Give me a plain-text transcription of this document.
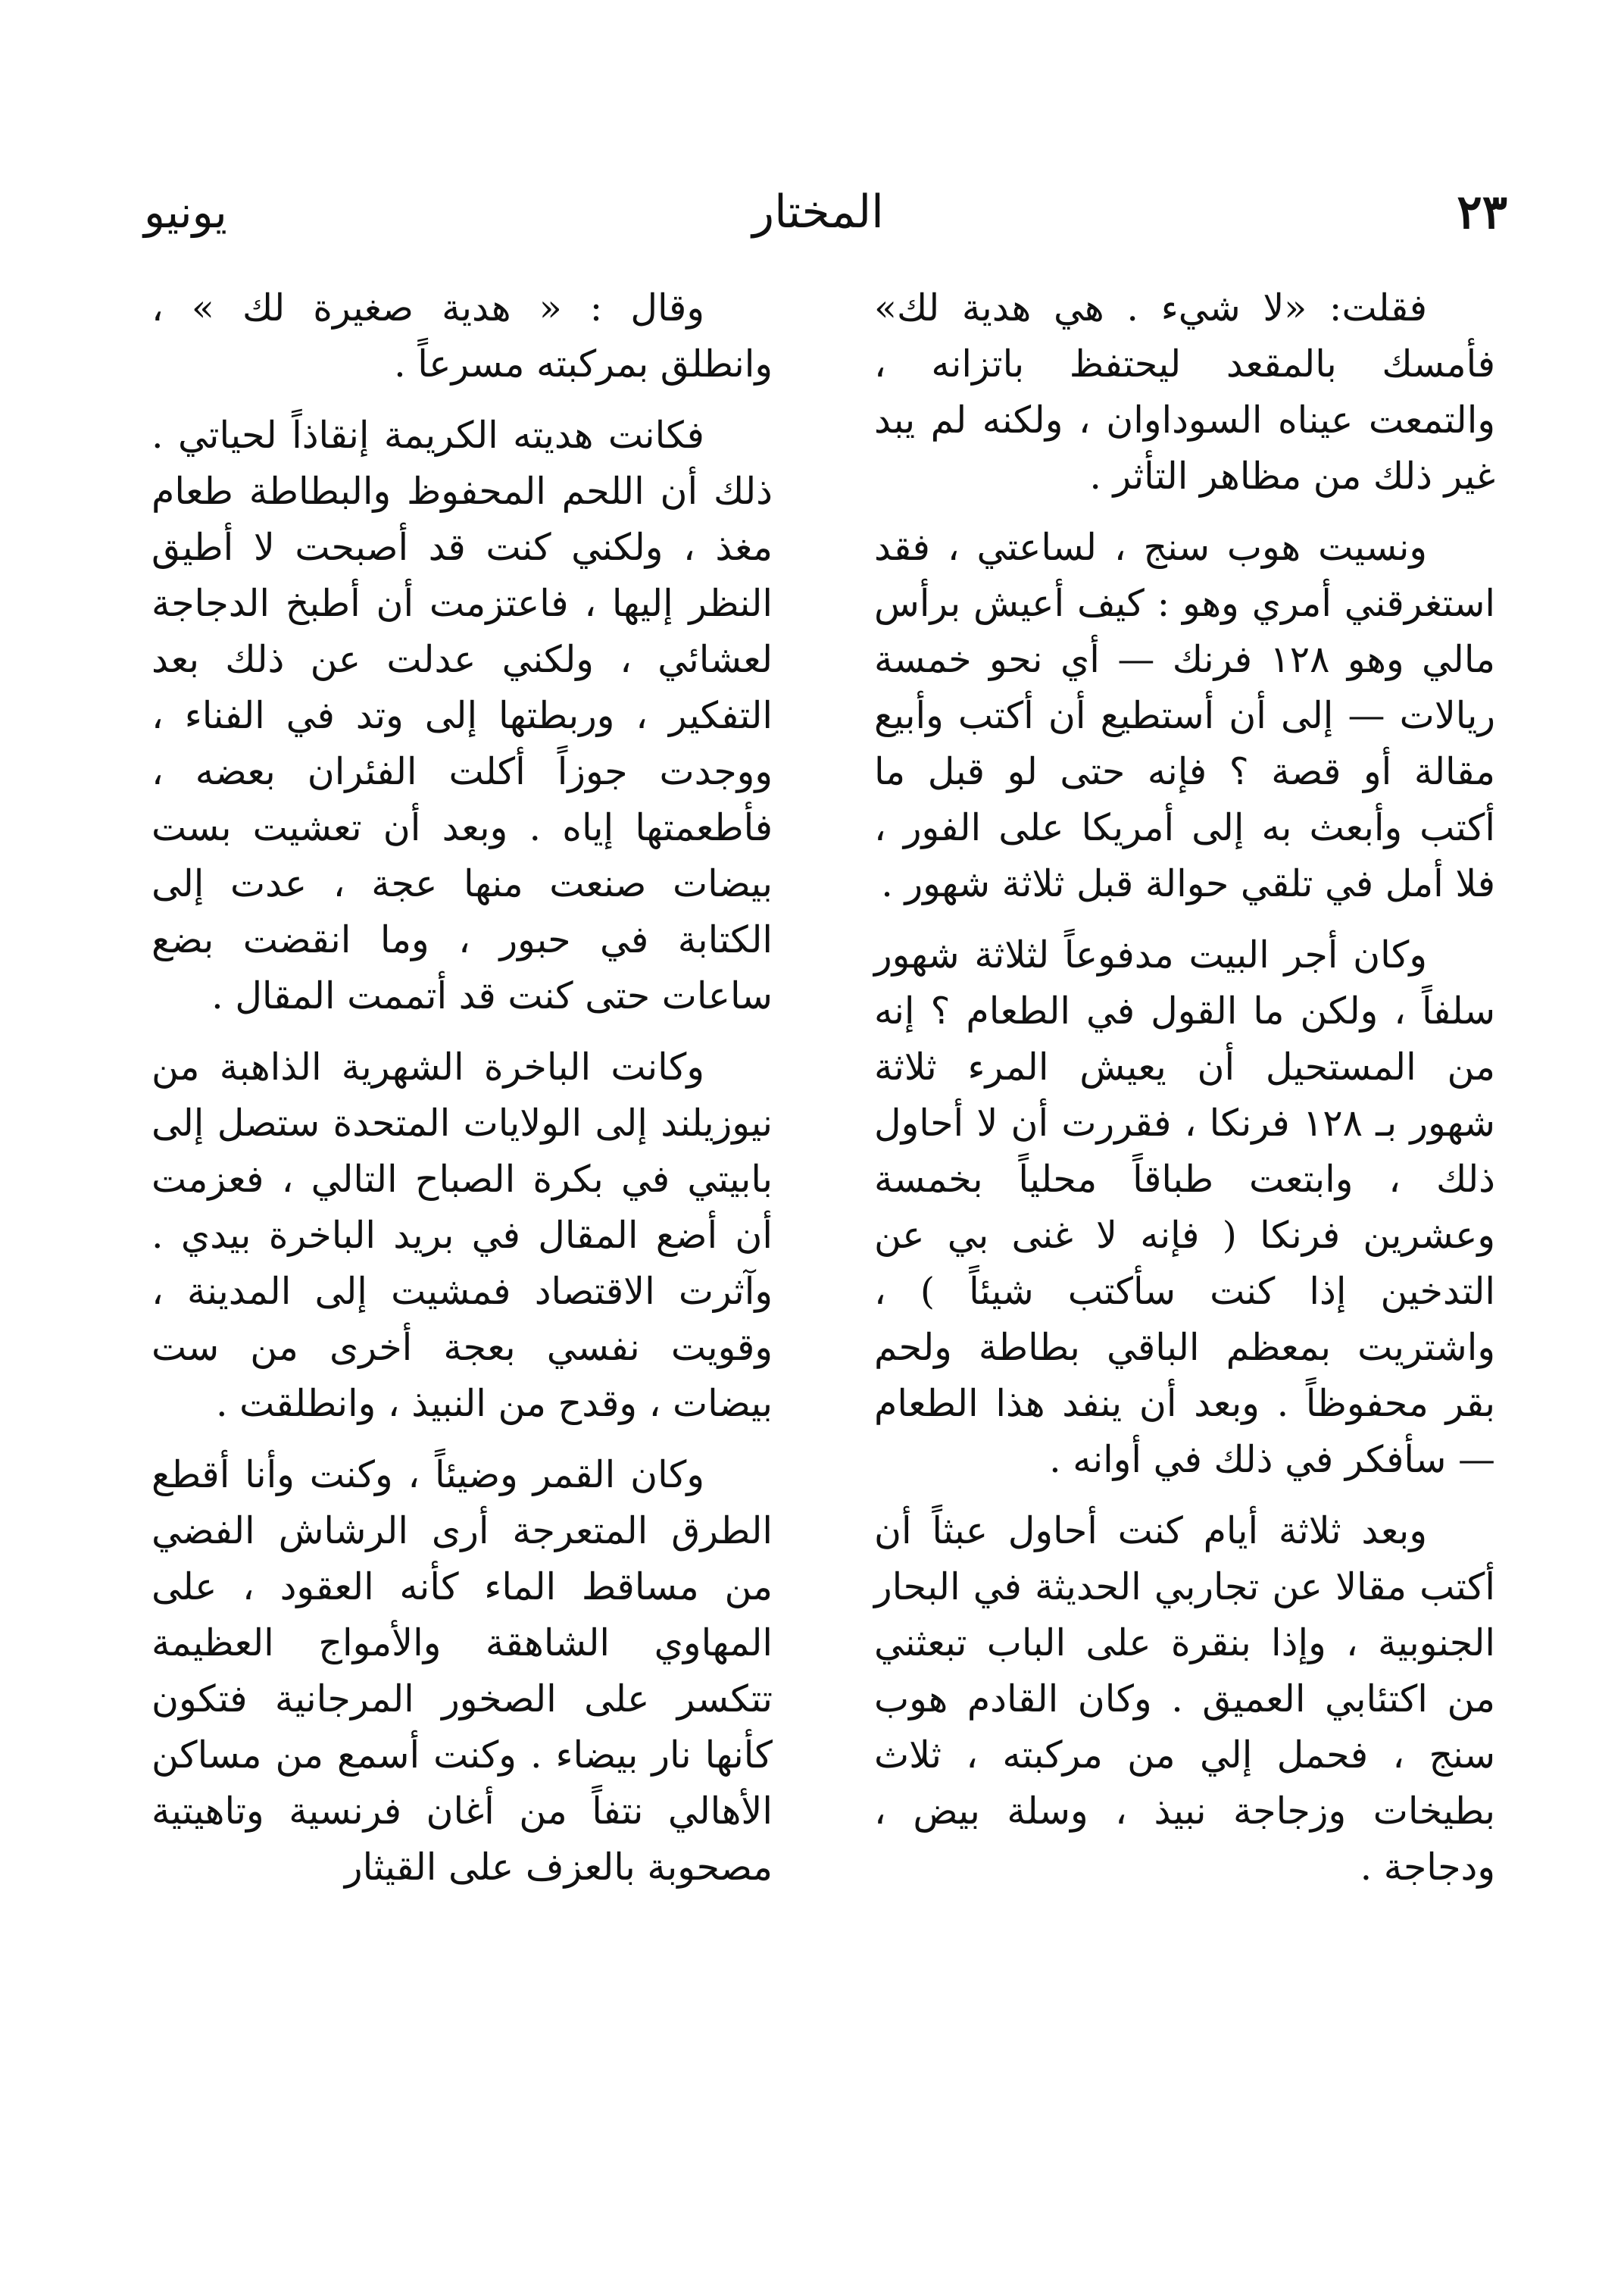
٢٣
المختار
يونيو

فقلت: «لا شيء . هي هدية لك» فأمسك بالمقعد ليحتفظ باتزانه ، والتمعت عيناه السوداوان ، ولكنه لم يبد غير ذلك من مظاهر التأثر .

ونسيت هوب سنج ، لساعتي ، فقد استغرقني أمري وهو : كيف أعيش برأس مالي وهو ١٢٨ فرنك — أي نحو خمسة ريالات — إلى أن أستطيع أن أكتب وأبيع مقالة أو قصة ؟ فإنه حتى لو قبل ما أكتب وأبعث به إلى أمريكا على الفور ، فلا أمل في تلقي حوالة قبل ثلاثة شهور .

وكان أجر البيت مدفوعاً لثلاثة شهور سلفاً ، ولكن ما القول في الطعام ؟ إنه من المستحيل أن يعيش المرء ثلاثة شهور بـ ١٢٨ فرنكا ، فقررت أن لا أحاول ذلك ، وابتعت طباقاً محلياً بخمسة وعشرين فرنكا ( فإنه لا غنى بي عن التدخين إذا كنت سأكتب شيئاً ) ، واشتريت بمعظم الباقي بطاطة ولحم بقر محفوظاً . وبعد أن ينفد هذا الطعام — سأفكر في ذلك في أوانه .

وبعد ثلاثة أيام كنت أحاول عبثاً أن أكتب مقالا عن تجاربي الحديثة في البحار الجنوبية ، وإذا بنقرة على الباب تبعثني من اكتئابي العميق . وكان القادم هوب سنج ، فحمل إلي من مركبته ، ثلاث بطيخات وزجاجة نبيذ ، وسلة بيض ، ودجاجة .

وقال : « هدية صغيرة لك » ، وانطلق بمركبته مسرعاً .

فكانت هديته الكريمة إنقاذاً لحياتي . ذلك أن اللحم المحفوظ والبطاطة طعام مغذ ، ولكني كنت قد أصبحت لا أطيق النظر إليها ، فاعتزمت أن أطبخ الدجاجة لعشائي ، ولكني عدلت عن ذلك بعد التفكير ، وربطتها إلى وتد في الفناء ، ووجدت جوزاً أكلت الفئران بعضه ، فأطعمتها إياه . وبعد أن تعشيت بست بيضات صنعت منها عجة ، عدت إلى الكتابة في حبور ، وما انقضت بضع ساعات حتى كنت قد أتممت المقال .

وكانت الباخرة الشهرية الذاهبة من نيوزيلند إلى الولايات المتحدة ستصل إلى بابيتي في بكرة الصباح التالي ، فعزمت أن أضع المقال في بريد الباخرة بيدي . وآثرت الاقتصاد فمشيت إلى المدينة ، وقويت نفسي بعجة أخرى من ست بيضات ، وقدح من النبيذ ، وانطلقت .

وكان القمر وضيئاً ، وكنت وأنا أقطع الطرق المتعرجة أرى الرشاش الفضي من مساقط الماء كأنه العقود ، على المهاوي الشاهقة والأمواج العظيمة تتكسر على الصخور المرجانية فتكون كأنها نار بيضاء . وكنت أسمع من مساكن الأهالي نتفاً من أغان فرنسية وتاهيتية مصحوبة بالعزف على القيثار
